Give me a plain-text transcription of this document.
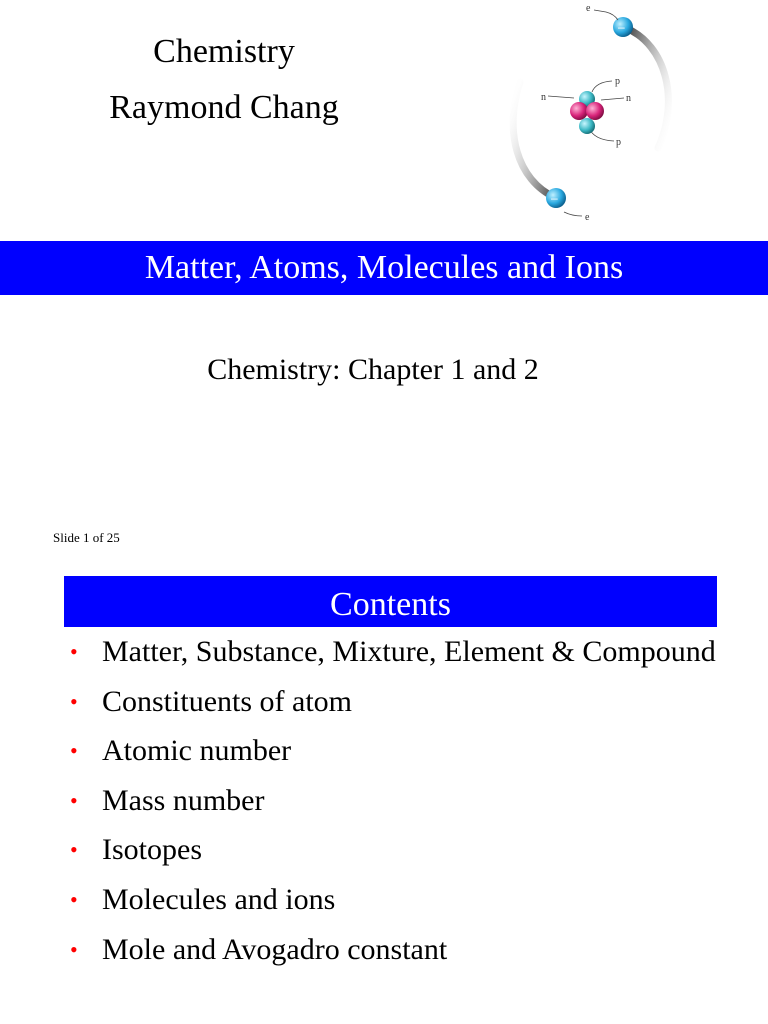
Chemistry
Raymond Chang
–
–
e
e
n	n
p
p
Matter, Atoms, Molecules and Ions
Chemistry: Chapter 1 and 2
Slide 1 of 25
Contents
• Matter, Substance, Mixture, Element & Compound
• Constituents of atom
• Atomic number
• Mass number
• Isotopes
• Molecules and ions
• Mole and Avogadro constant
